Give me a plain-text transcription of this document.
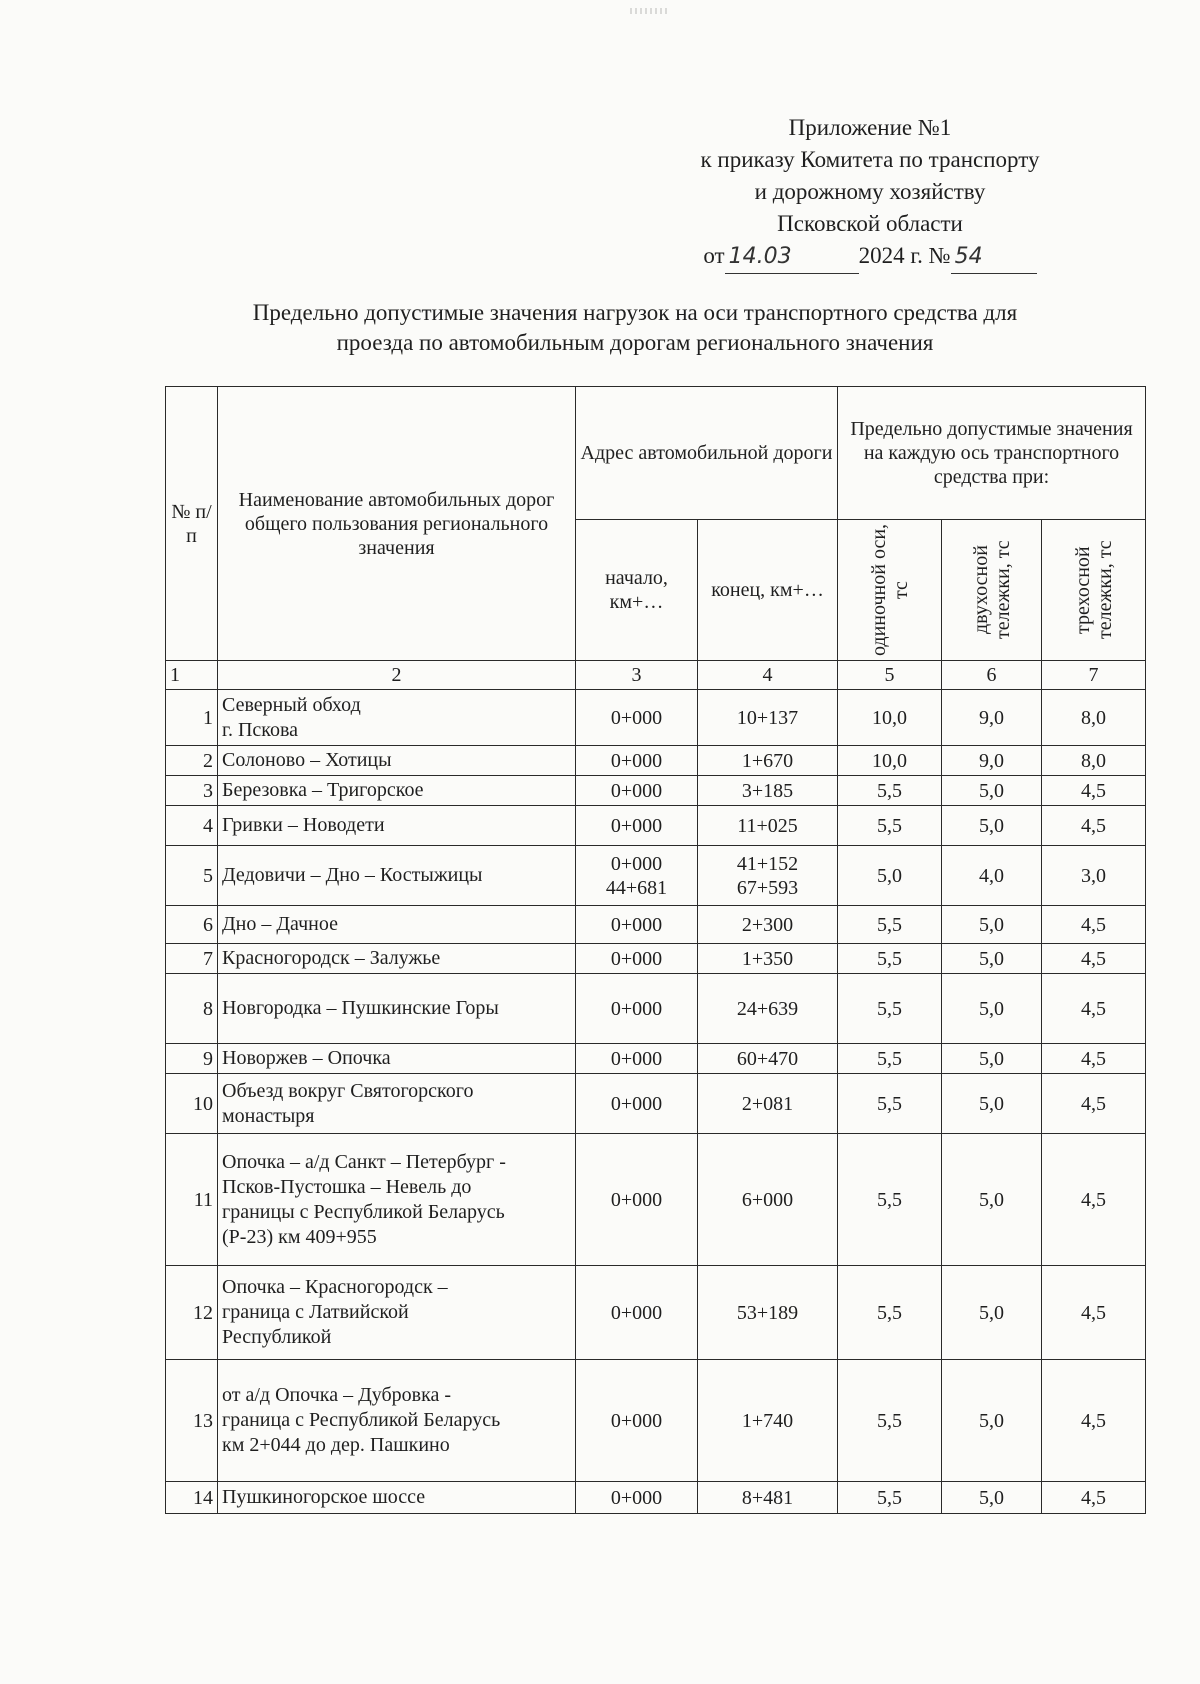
Приложение №1
к приказу Комитета по транспорту
и дорожному хозяйству
Псковской области
от 14.03	2024 г. № 54
Предельно допустимые значения нагрузок на оси транспортного средства для
проезда по автомобильным дорогам регионального значения
№ п/п	Наименование автомобильных дорог общего пользования регионального значения	Адрес автомобильной дороги		Предельно допустимые значения на каждую ось транспортного средства при:		
		начало, км+…	конец, км+…	одиночной оси, тс	двухосной тележки, тс	трехосной тележки, тс

1	2	3	4	5	6	7
1	Северный обход
г. Пскова	0+000	10+137	10,0	9,0	8,0
2	Солоново – Хотицы	0+000	1+670	10,0	9,0	8,0
3	Березовка – Тригорское	0+000	3+185	5,5	5,0	4,5
4	Гривки – Новодети	0+000	11+025	5,5	5,0	4,5
5	Дедовичи – Дно – Костыжицы	0+000
44+681	41+152
67+593	5,0	4,0	3,0
6	Дно – Дачное	0+000	2+300	5,5	5,0	4,5
7	Красногородск – Залужье	0+000	1+350	5,5	5,0	4,5
8	Новгородка – Пушкинские Горы	0+000	24+639	5,5	5,0	4,5
9	Новоржев – Опочка	0+000	60+470	5,5	5,0	4,5
10	Объезд вокруг Святогорского
монастыря	0+000	2+081	5,5	5,0	4,5
11	Опочка – а/д Санкт – Петербург -
Псков-Пустошка – Невель до
границы с Республикой Беларусь
(Р-23) км 409+955	0+000	6+000	5,5	5,0	4,5
12	Опочка – Красногородск –
граница с Латвийской
Республикой	0+000	53+189	5,5	5,0	4,5
13	от а/д Опочка – Дубровка -
граница с Республикой Беларусь
км 2+044 до дер. Пашкино	0+000	1+740	5,5	5,0	4,5
14	Пушкиногорское шоссе	0+000	8+481	5,5	5,0	4,5
